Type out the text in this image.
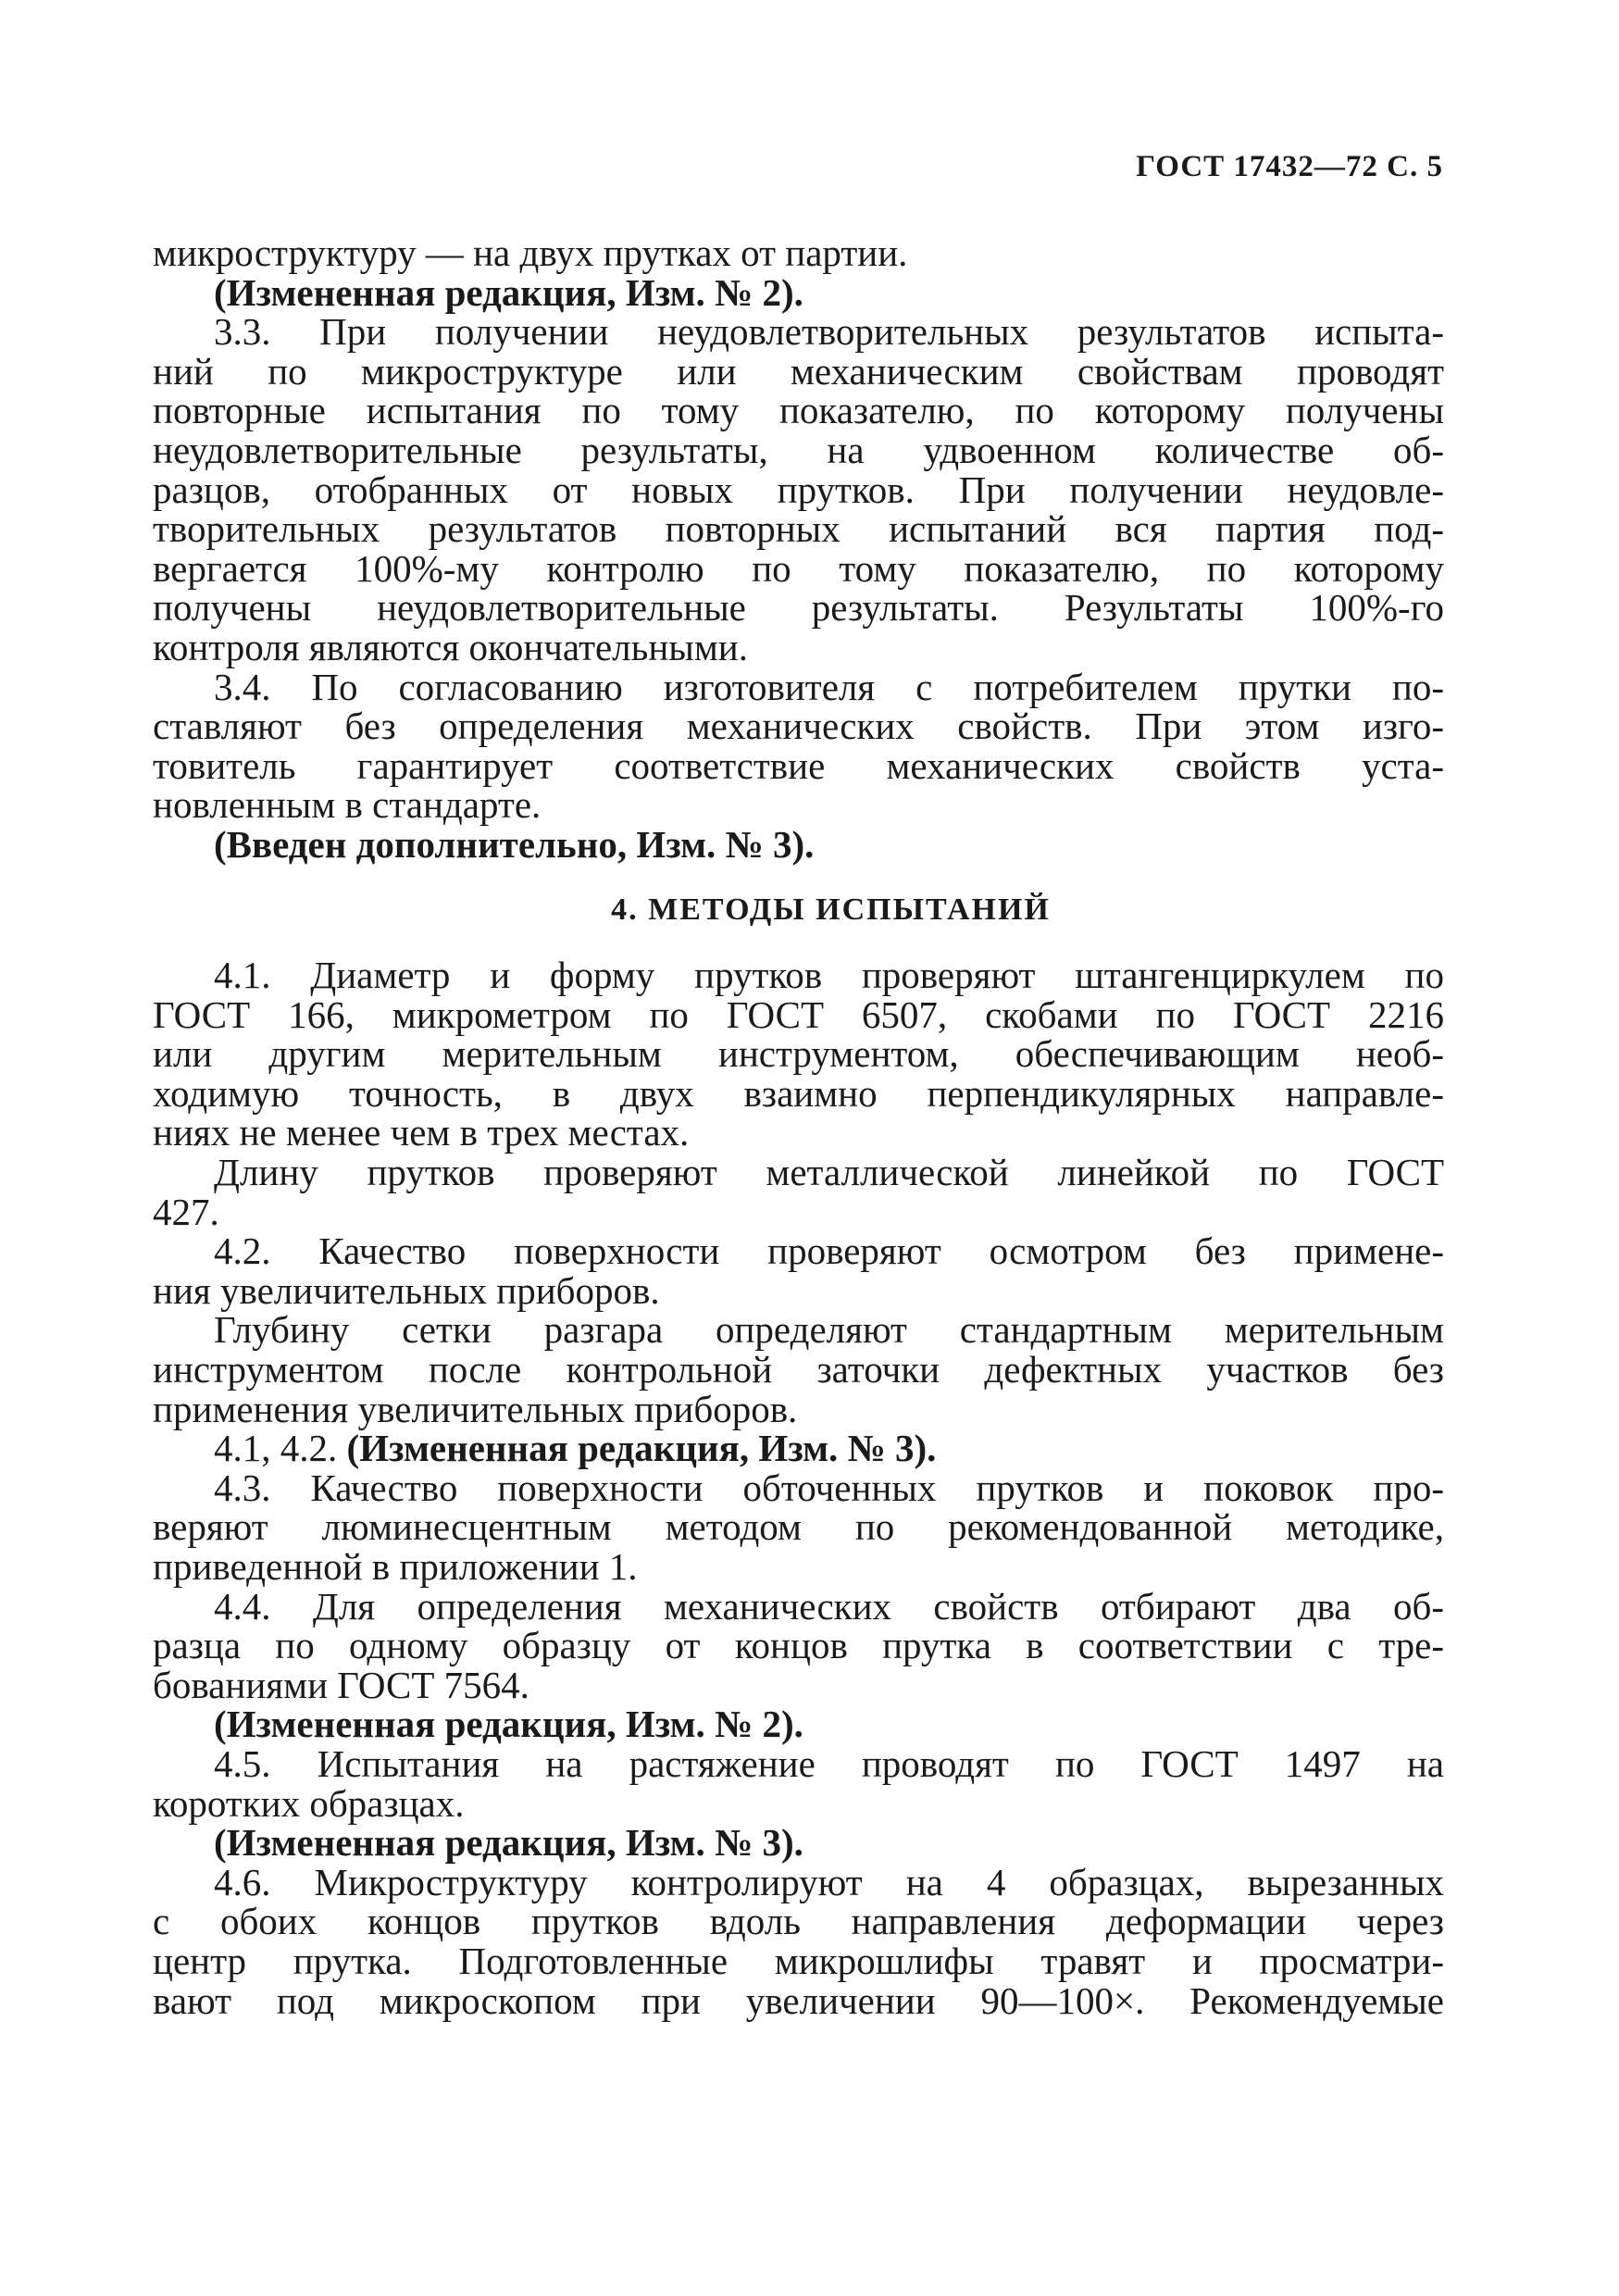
ГОСТ 17432—72 С. 5
микроструктуру — на двух прутках от партии.
(Измененная редакция, Изм. № 2).
3.3. При получении неудовлетворительных результатов испыта-
ний по микроструктуре или механическим свойствам проводят
повторные испытания по тому показателю, по которому получены
неудовлетворительные результаты, на удвоенном количестве об-
разцов, отобранных от новых прутков. При получении неудовле-
творительных результатов повторных испытаний вся партия под-
вергается 100%-му контролю по тому показателю, по которому
получены неудовлетворительные результаты. Результаты 100%-го
контроля являются окончательными.
3.4. По согласованию изготовителя с потребителем прутки по-
ставляют без определения механических свойств. При этом изго-
товитель гарантирует соответствие механических свойств уста-
новленным в стандарте.
(Введен дополнительно, Изм. № 3).
4. МЕТОДЫ ИСПЫТАНИЙ
4.1. Диаметр и форму прутков проверяют штангенциркулем по
ГОСТ 166, микрометром по ГОСТ 6507, скобами по ГОСТ 2216
или другим мерительным инструментом, обеспечивающим необ-
ходимую точность, в двух взаимно перпендикулярных направле-
ниях не менее чем в трех местах.
Длину прутков проверяют металлической линейкой по ГОСТ
427.
4.2. Качество поверхности проверяют осмотром без примене-
ния увеличительных приборов.
Глубину сетки разгара определяют стандартным мерительным
инструментом после контрольной заточки дефектных участков без
применения увеличительных приборов.
4.1, 4.2. (Измененная редакция, Изм. № 3).
4.3. Качество поверхности обточенных прутков и поковок про-
веряют люминесцентным методом по рекомендованной методике,
приведенной в приложении 1.
4.4. Для определения механических свойств отбирают два об-
разца по одному образцу от концов прутка в соответствии с тре-
бованиями ГОСТ 7564.
(Измененная редакция, Изм. № 2).
4.5. Испытания на растяжение проводят по ГОСТ 1497 на
коротких образцах.
(Измененная редакция, Изм. № 3).
4.6. Микроструктуру контролируют на 4 образцах, вырезанных
с обоих концов прутков вдоль направления деформации через
центр прутка. Подготовленные микрошлифы травят и просматри-
вают под микроскопом при увеличении 90—100×. Рекомендуемые
